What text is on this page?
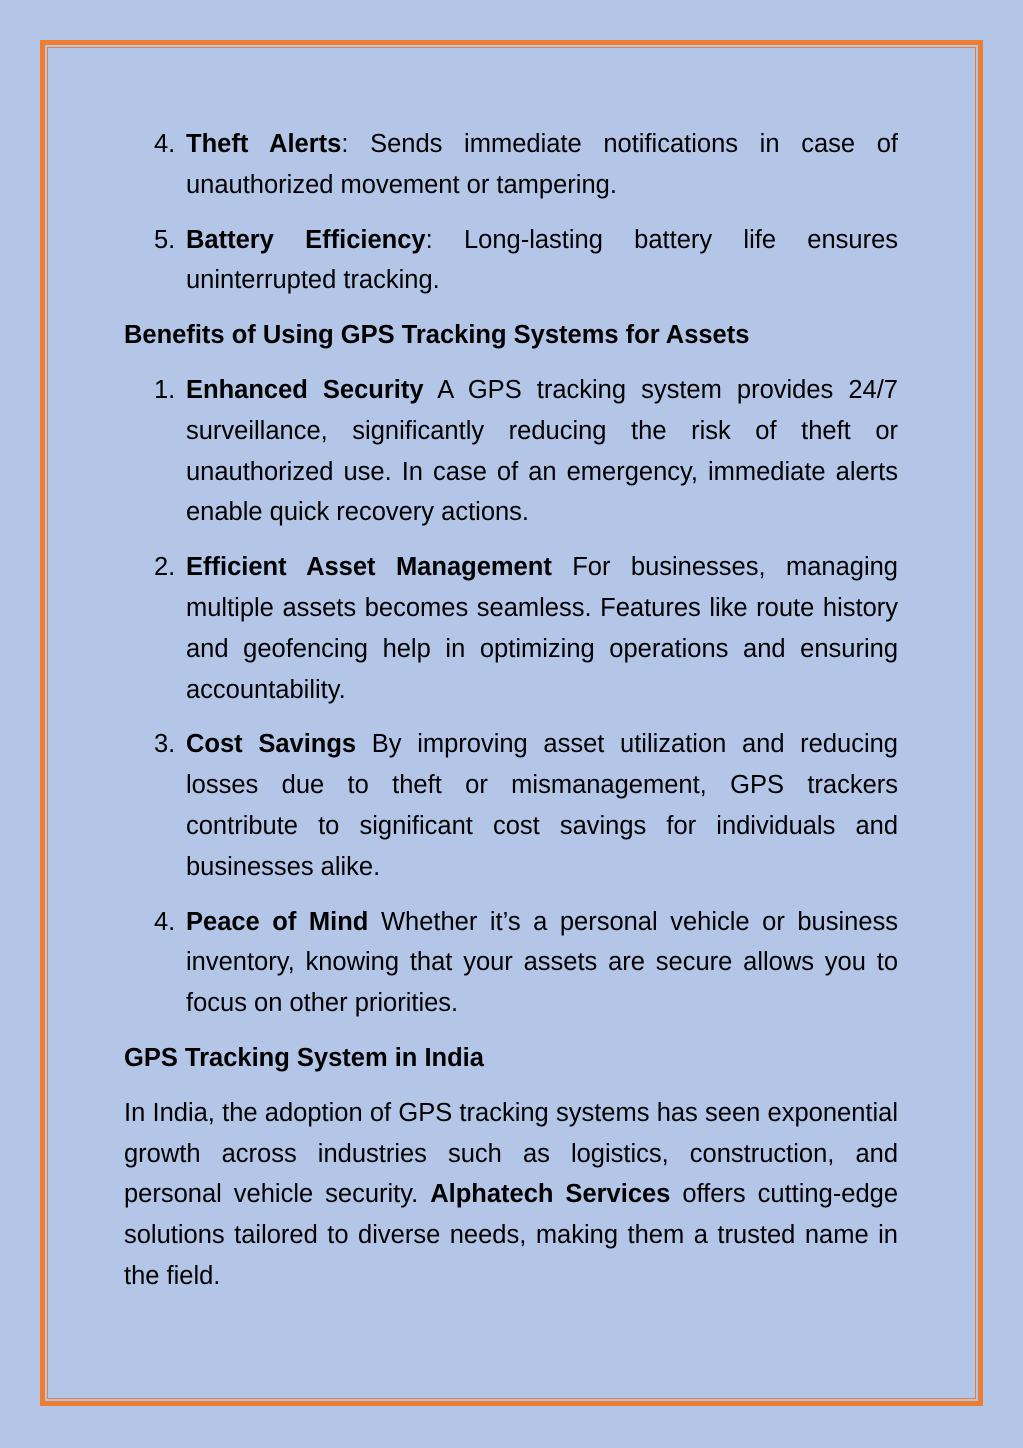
4. Theft Alerts: Sends immediate notifications in case of unauthorized movement or tampering.
5. Battery Efficiency: Long-lasting battery life ensures uninterrupted tracking.
Benefits of Using GPS Tracking Systems for Assets
1. Enhanced Security A GPS tracking system provides 24/7 surveillance, significantly reducing the risk of theft or unauthorized use. In case of an emergency, immediate alerts enable quick recovery actions.
2. Efficient Asset Management For businesses, managing multiple assets becomes seamless. Features like route history and geofencing help in optimizing operations and ensuring accountability.
3. Cost Savings By improving asset utilization and reducing losses due to theft or mismanagement, GPS trackers contribute to significant cost savings for individuals and businesses alike.
4. Peace of Mind Whether it’s a personal vehicle or business inventory, knowing that your assets are secure allows you to focus on other priorities.
GPS Tracking System in India

In India, the adoption of GPS tracking systems has seen exponential growth across industries such as logistics, construction, and personal vehicle security. Alphatech Services offers cutting-edge solutions tailored to diverse needs, making them a trusted name in the field.
